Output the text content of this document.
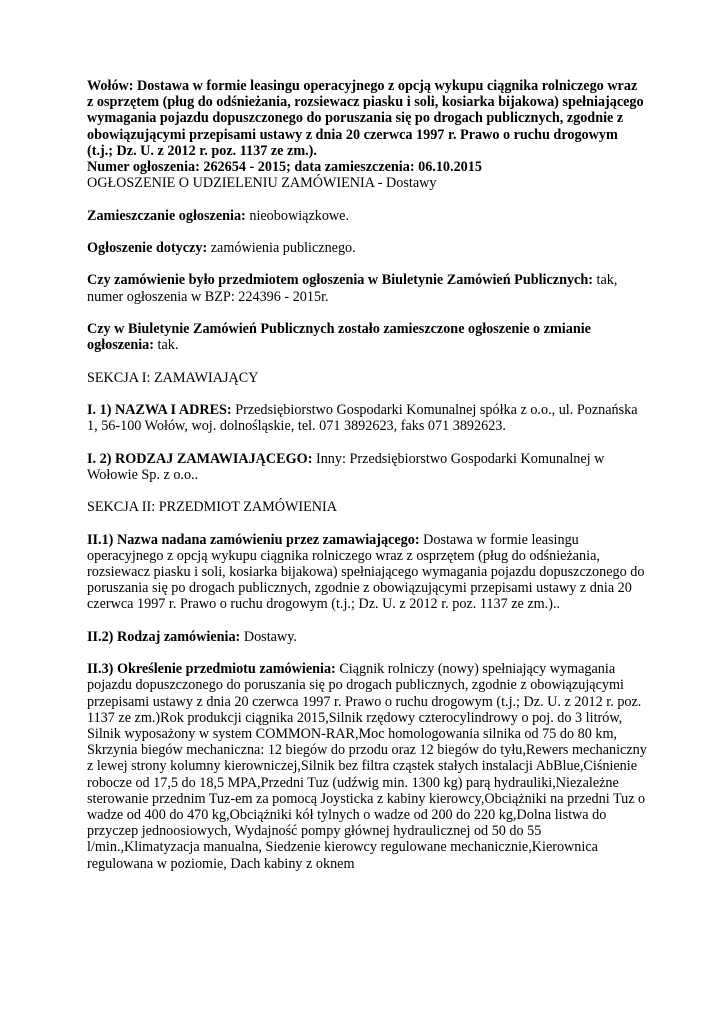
Wołów: Dostawa w formie leasingu operacyjnego z opcją wykupu ciągnika rolniczego wraz z osprzętem (pług do odśnieżania, rozsiewacz piasku i soli, kosiarka bijakowa) spełniającego wymagania pojazdu dopuszczonego do poruszania się po drogach publicznych, zgodnie z obowiązującymi przepisami ustawy z dnia 20 czerwca 1997 r. Prawo o ruchu drogowym (t.j.; Dz. U. z 2012 r. poz. 1137 ze zm.).
Numer ogłoszenia: 262654 - 2015; data zamieszczenia: 06.10.2015
OGŁOSZENIE O UDZIELENIU ZAMÓWIENIA - Dostawy

Zamieszczanie ogłoszenia: nieobowiązkowe.

Ogłoszenie dotyczy: zamówienia publicznego.

Czy zamówienie było przedmiotem ogłoszenia w Biuletynie Zamówień Publicznych: tak, numer ogłoszenia w BZP: 224396 - 2015r.

Czy w Biuletynie Zamówień Publicznych zostało zamieszczone ogłoszenie o zmianie ogłoszenia: tak.

SEKCJA I: ZAMAWIAJĄCY

I. 1) NAZWA I ADRES: Przedsiębiorstwo Gospodarki Komunalnej spółka z o.o., ul. Poznańska 1, 56-100 Wołów, woj. dolnośląskie, tel. 071 3892623, faks 071 3892623.

I. 2) RODZAJ ZAMAWIAJĄCEGO: Inny: Przedsiębiorstwo Gospodarki Komunalnej w Wołowie Sp. z o.o..

SEKCJA II: PRZEDMIOT ZAMÓWIENIA

II.1) Nazwa nadana zamówieniu przez zamawiającego: Dostawa w formie leasingu operacyjnego z opcją wykupu ciągnika rolniczego wraz z osprzętem (pług do odśnieżania, rozsiewacz piasku i soli, kosiarka bijakowa) spełniającego wymagania pojazdu dopuszczonego do poruszania się po drogach publicznych, zgodnie z obowiązującymi przepisami ustawy z dnia 20 czerwca 1997 r. Prawo o ruchu drogowym (t.j.; Dz. U. z 2012 r. poz. 1137 ze zm.)..

II.2) Rodzaj zamówienia: Dostawy.

II.3) Określenie przedmiotu zamówienia: Ciągnik rolniczy (nowy) spełniający wymagania pojazdu dopuszczonego do poruszania się po drogach publicznych, zgodnie z obowiązującymi przepisami ustawy z dnia 20 czerwca 1997 r. Prawo o ruchu drogowym (t.j.; Dz. U. z 2012 r. poz. 1137 ze zm.)Rok produkcji ciągnika 2015,Silnik rzędowy czterocylindrowy o poj. do 3 litrów, Silnik wyposażony w system COMMON-RAR,Moc homologowania silnika od 75 do 80 km, Skrzynia biegów mechaniczna: 12 biegów do przodu oraz 12 biegów do tyłu,Rewers mechaniczny z lewej strony kolumny kierowniczej,Silnik bez filtra cząstek stałych instalacji AbBlue,Ciśnienie robocze od 17,5 do 18,5 MPA,Przedni Tuz (udźwig min. 1300 kg) parą hydrauliki,Niezależne sterowanie przednim Tuz-em za pomocą Joysticka z kabiny kierowcy,Obciążniki na przedni Tuz o wadze od 400 do 470 kg,Obciążniki kół tylnych o wadze od 200 do 220 kg,Dolna listwa do przyczep jednoosiowych, Wydajność pompy głównej hydraulicznej od 50 do 55 l/min.,Klimatyzacja manualna, Siedzenie kierowcy regulowane mechanicznie,Kierownica regulowana w poziomie, Dach kabiny z oknem
